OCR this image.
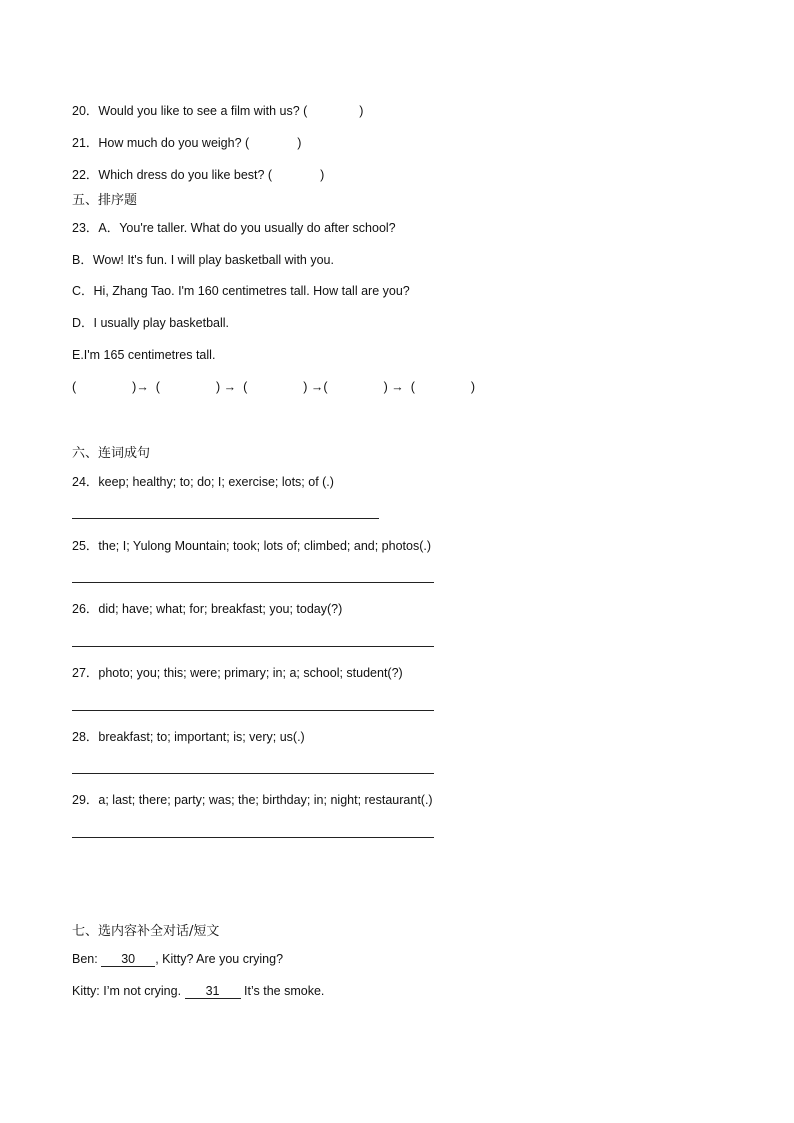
20．Would you like to see a film with us? (	)
21．How much do you weigh? (	)
22．Which dress do you like best? (	)
五、排序题
23．A．You're taller. What do you usually do after school?
B．Wow! It's fun. I will play basketball with you.
C．Hi, Zhang Tao. I'm 160 centimetres tall. How tall are you?
D．I usually play basketball.
E.I'm 165 centimetres tall.
(	)→ (	) → (	) →(	) → (	)
六、连词成句
24．keep; healthy; to; do; I; exercise; lots; of (.)
25．the; I; Yulong Mountain; took; lots of; climbed; and; photos(.)
26．did; have; what; for; breakfast; you; today(?)
27．photo; you; this; were; primary; in; a; school; student(?)
28．breakfast; to; important; is; very; us(.)
29．a; last; there; party; was; the; birthday; in; night; restaurant(.)
七、选内容补全对话/短文
Ben: 30 , Kitty? Are you crying?
Kitty: I’m not crying. 31 It’s the smoke.
